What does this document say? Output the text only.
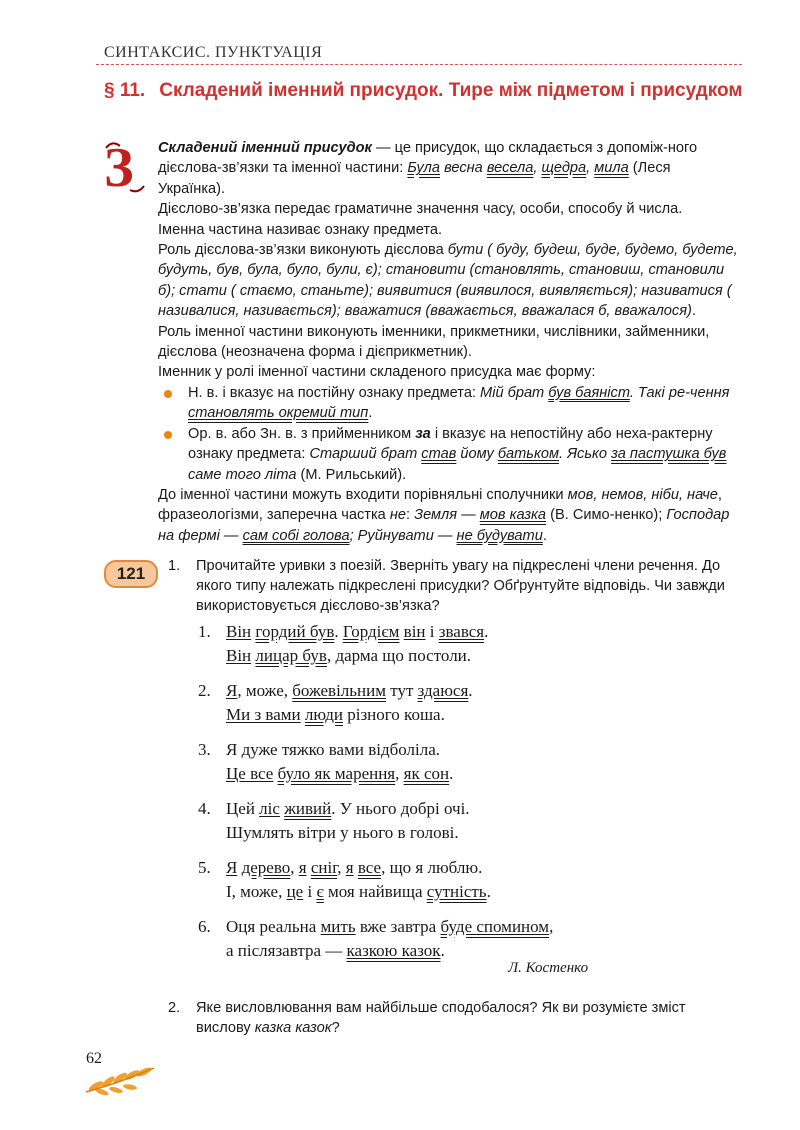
СИНТАКСИС. ПУНКТУАЦІЯ
§ 11. Складений іменний присудок. Тире між підметом і присудком
З Складений іменний присудок — це присудок, що складається з допоміж-ного дієслова-зв’язки та іменної частини: Була весна весела, щедра, мила (Леся Українка).

Дієслово-зв’язка передає граматичне значення часу, особи, способу й числа.

Іменна частина називає ознаку предмета.

Роль дієслова-зв’язки виконують дієслова бути ( буду, будеш, буде, будемо, будете, будуть, був, була, було, були, є); становити (становлять, становиш, становили б); стати ( стаємо, станьте); виявитися (виявилося, виявляється); називатися ( називалися, називається); вважатися (вважається, вважалася б, вважалося).

Роль іменної частини виконують іменники, прикметники, числівники, займенники, дієслова (неозначена форма і дієприкметник).

Іменник у ролі іменної частини складеного присудка має форму:

Н. в. і вказує на постійну ознаку предмета: Мій брат був баяніст. Такі ре-чення становлять окремий тип.

Ор. в. або Зн. в. з прийменником за і вказує на непостійну або неха-рактерну ознаку предмета: Старший брат став йому батьком. Ясько за пастушка був саме того літа (М. Рильський).

До іменної частини можуть входити порівняльні сполучники мов, немов, ніби, наче, фразеологізми, заперечна частка не: Земля — мов казка (В. Симо-ненко); Господар на фермі — сам собі голова; Руйнувати — не будувати.

121	1. Прочитайте уривки з поезій. Зверніть увагу на підкреслені члени речення. До якого типу належать підкреслені присудки? Обґрунтуйте відповідь. Чи завжди використовується дієслово-зв’язка?
1. Він гордий був. Гордієм він і звався.
Він лицар був, дарма що постоли.
2. Я, може, божевільним тут здаюся.
Ми з вами люди різного коша.
3. Я дуже тяжко вами відболіла.
Це все було як марення, як сон.
4. Цей ліс живий. У нього добрі очі.
Шумлять вітри у нього в голові.
5. Я дерево, я сніг, я все, що я люблю.
І, може, це і є моя найвища сутність.
6. Оця реальна мить вже завтра буде спомином,
а післязавтра — казкою казок.
Л. Костенко
2. Яке висловлювання вам найбільше сподобалося? Як ви розумієте зміст вислову казка казок?
62
